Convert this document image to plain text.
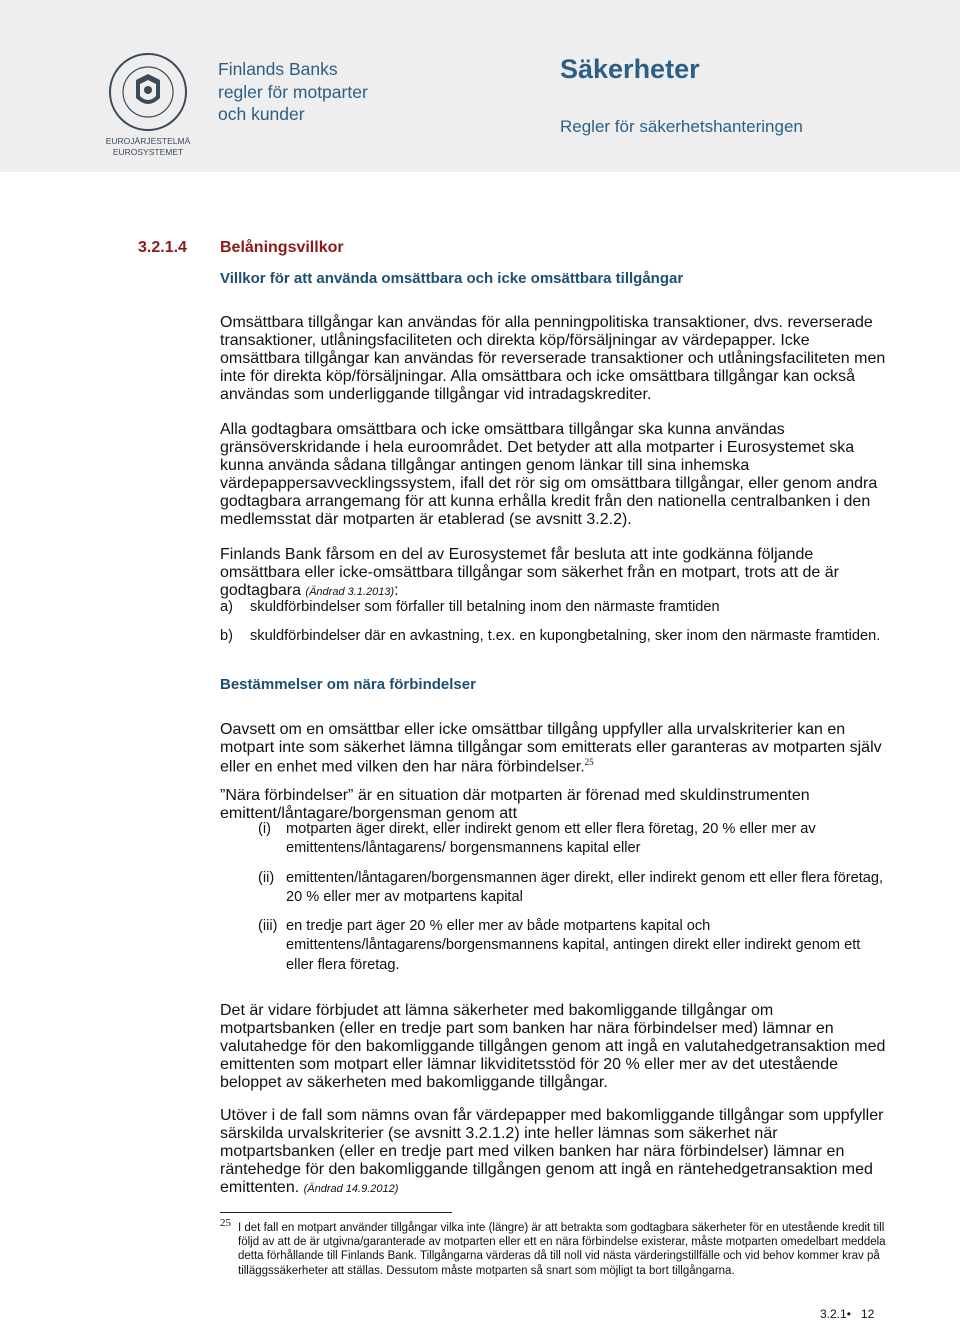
EUROJÄRJESTELMÄ
EUROSYSTEMET
Finlands Banks
regler för motparter
och kunder
Säkerheter
Regler för säkerhetshanteringen
3.2.1.4 Belåningsvillkor
Villkor för att använda omsättbara och icke omsättbara tillgångar

Omsättbara tillgångar kan användas för alla penningpolitiska transaktioner, dvs. reverserade transaktioner, utlåningsfaciliteten och direkta köp/försäljningar av värdepapper. Icke omsättbara tillgångar kan användas för reverserade transaktioner och utlåningsfaciliteten men inte för direkta köp/försäljningar. Alla omsättbara och icke omsättbara tillgångar kan också användas som underliggande tillgångar vid intradagskrediter.

Alla godtagbara omsättbara och icke omsättbara tillgångar ska kunna användas gränsöverskridande i hela euroområdet. Det betyder att alla motparter i Eurosystemet ska kunna använda sådana tillgångar antingen genom länkar till sina inhemska värdepappersavvecklingssystem, ifall det rör sig om omsättbara tillgångar, eller genom andra godtagbara arrangemang för att kunna erhålla kredit från den nationella centralbanken i den medlemsstat där motparten är etablerad (se avsnitt 3.2.2).

Finlands Bank fårsom en del av Eurosystemet får besluta att inte godkänna följande omsättbara eller icke-omsättbara tillgångar som säkerhet från en motpart, trots att de är godtagbara (Ändrad 3.1.2013):

a) skuldförbindelser som förfaller till betalning inom den närmaste framtiden
b) skuldförbindelser där en avkastning, t.ex. en kupongbetalning, sker inom den närmaste framtiden.
Bestämmelser om nära förbindelser

Oavsett om en omsättbar eller icke omsättbar tillgång uppfyller alla urvalskriterier kan en motpart inte som säkerhet lämna tillgångar som emitterats eller garanteras av motparten själv eller en enhet med vilken den har nära förbindelser.$^{25}$

”Nära förbindelser” är en situation där motparten är förenad med skuldinstrumenten emittent/låntagare/borgensman genom att

(i) motparten äger direkt, eller indirekt genom ett eller flera företag, 20 % eller mer av emittentens/låntagarens/ borgensmannens kapital eller
(ii) emittenten/låntagaren/borgensmannen äger direkt, eller indirekt genom ett eller flera företag, 20 % eller mer av motpartens kapital
(iii) en tredje part äger 20 % eller mer av både motpartens kapital och emittentens/låntagarens/borgensmannens kapital, antingen direkt eller indirekt genom ett eller flera företag.

Det är vidare förbjudet att lämna säkerheter med bakomliggande tillgångar om motpartsbanken (eller en tredje part som banken har nära förbindelser med) lämnar en valutahedge för den bakomliggande tillgången genom att ingå en valutahedgetransaktion med emittenten som motpart eller lämnar likviditetsstöd för 20 % eller mer av det utestående beloppet av säkerheten med bakomliggande tillgångar.

Utöver i de fall som nämns ovan får värdepapper med bakomliggande tillgångar som uppfyller särskilda urvalskriterier (se avsnitt 3.2.1.2) inte heller lämnas som säkerhet när motpartsbanken (eller en tredje part med vilken banken har nära förbindelser) lämnar en räntehedge för den bakomliggande tillgången genom att ingå en räntehedgetransaktion med emittenten. (Ändrad 14.9.2012)

25 I det fall en motpart använder tillgångar vilka inte (längre) är att betrakta som godtagbara säkerheter för en utestående kredit till följd av att de är utgivna/garanterade av motparten eller ett en nära förbindelse existerar, måste motparten omedelbart meddela detta förhållande till Finlands Bank. Tillgångarna värderas då till noll vid nästa värderingstillfälle och vid behov kommer krav på tilläggssäkerheter att ställas. Dessutom måste motparten så snart som möjligt ta bort tillgångarna.
3.2.1• 12
